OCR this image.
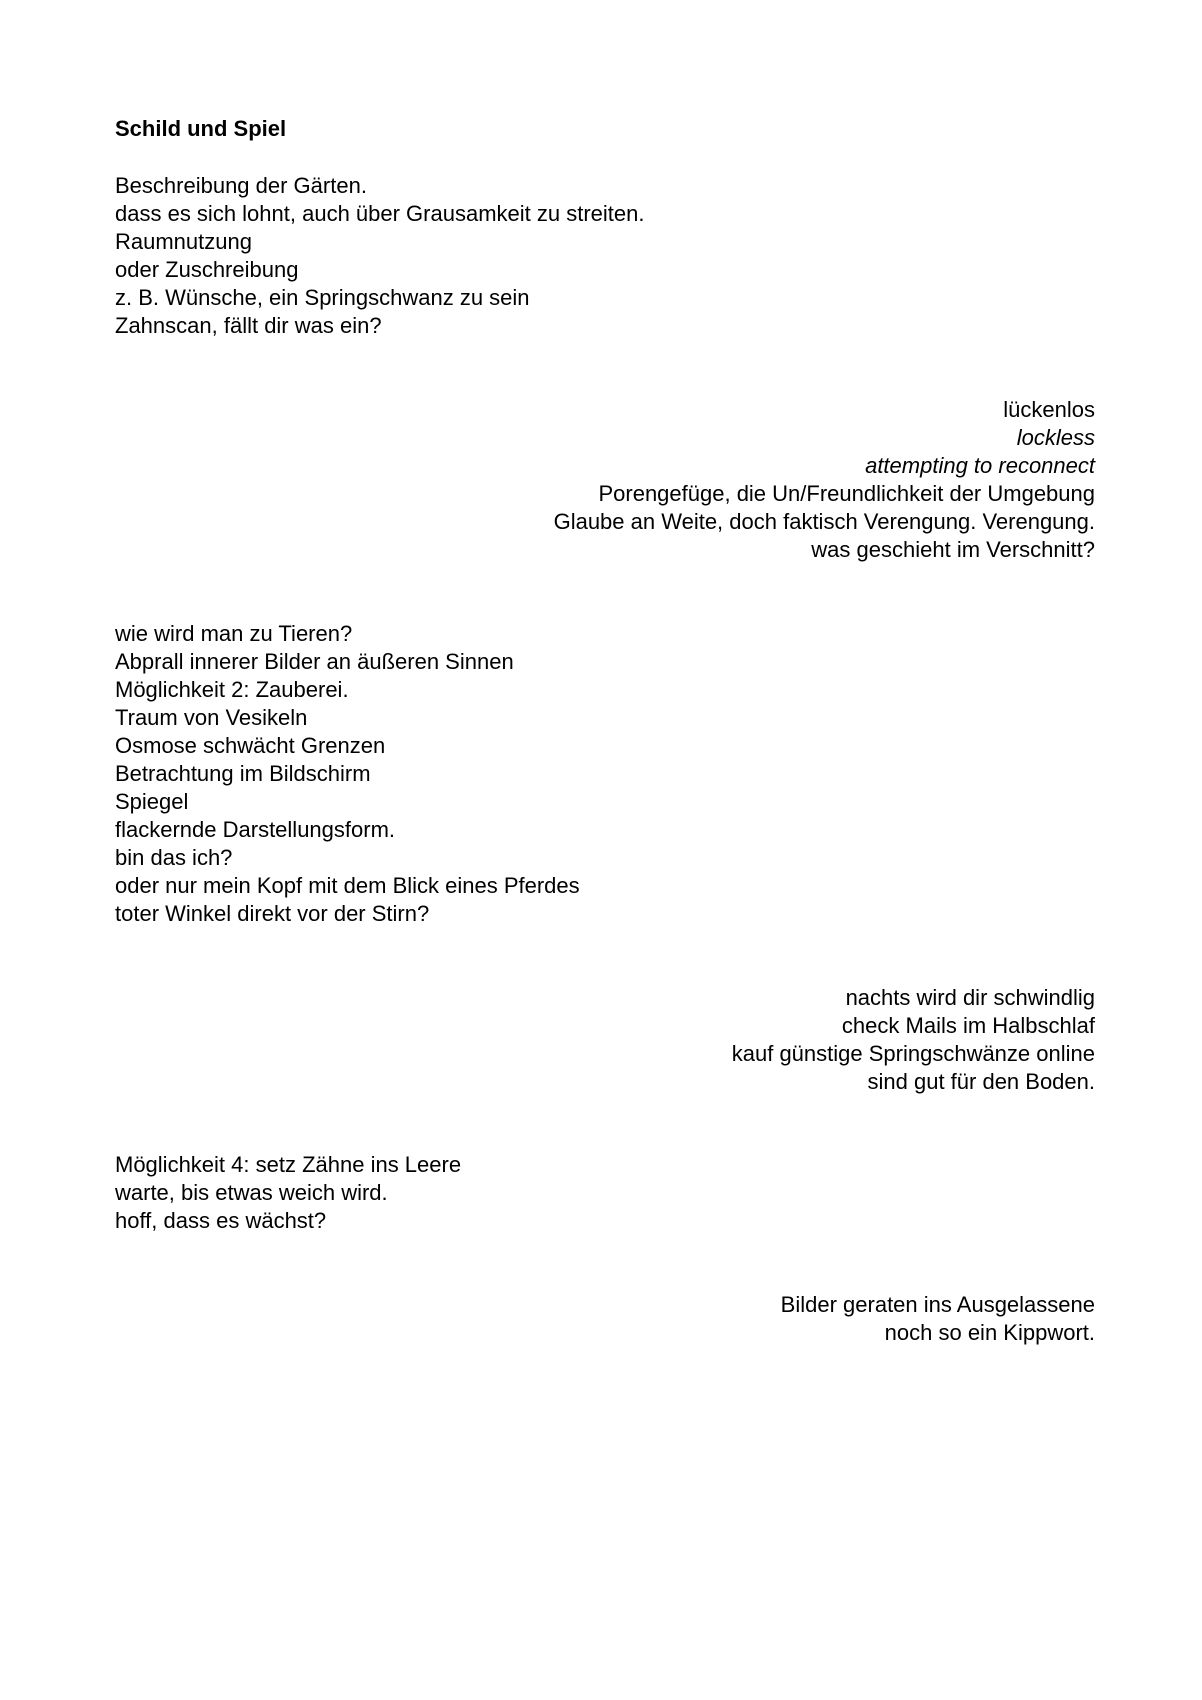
Schild und Spiel
Beschreibung der Gärten.
dass es sich lohnt, auch über Grausamkeit zu streiten.
Raumnutzung
oder Zuschreibung
z. B. Wünsche, ein Springschwanz zu sein
Zahnscan, fällt dir was ein?
lückenlos
lockless
attempting to reconnect
Porengefüge, die Un/Freundlichkeit der Umgebung
Glaube an Weite, doch faktisch Verengung. Verengung.
was geschieht im Verschnitt?
wie wird man zu Tieren?
Abprall innerer Bilder an äußeren Sinnen
Möglichkeit 2: Zauberei.
Traum von Vesikeln
Osmose schwächt Grenzen
Betrachtung im Bildschirm
Spiegel
flackernde Darstellungsform.
bin das ich?
oder nur mein Kopf mit dem Blick eines Pferdes
toter Winkel direkt vor der Stirn?
nachts wird dir schwindlig
check Mails im Halbschlaf
kauf günstige Springschwänze online
sind gut für den Boden.
Möglichkeit 4: setz Zähne ins Leere
warte, bis etwas weich wird.
hoff, dass es wächst?
Bilder geraten ins Ausgelassene
noch so ein Kippwort.
